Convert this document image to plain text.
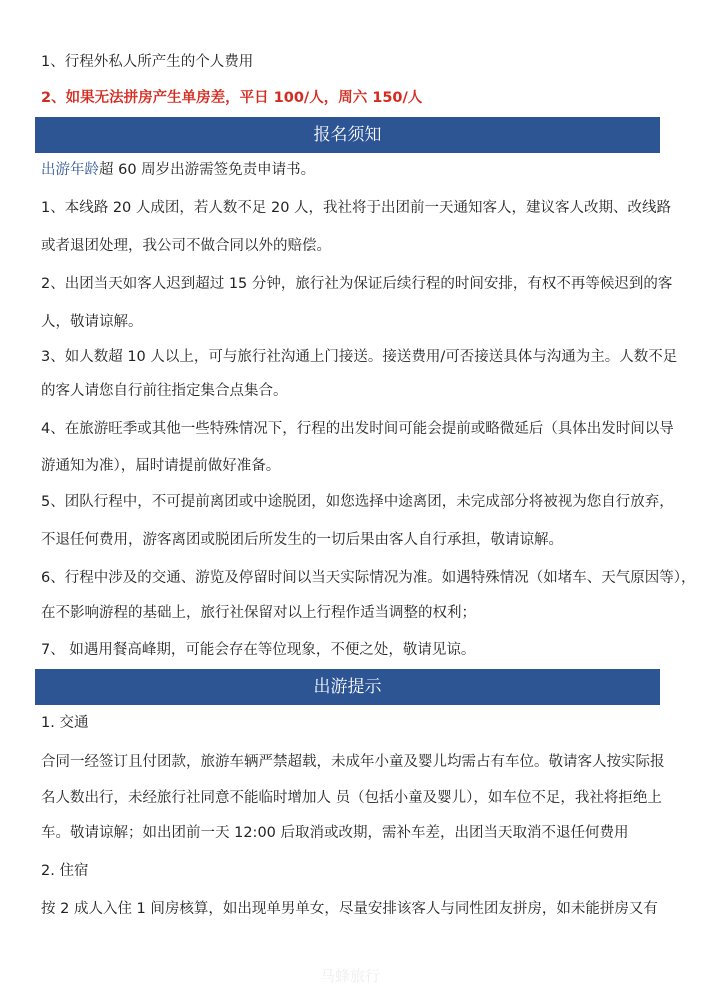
1、行程外私人所产生的个人费用
2、如果无法拼房产生单房差，平日 100/人，周六 150/人
报名须知
出游年龄超 60 周岁出游需签免责申请书。
1、本线路 20 人成团，若人数不足 20 人，我社将于出团前一天通知客人，建议客人改期、改线路
或者退团处理，我公司不做合同以外的赔偿。
2、出团当天如客人迟到超过 15 分钟，旅行社为保证后续行程的时间安排，有权不再等候迟到的客
人，敬请谅解。
3、如人数超 10 人以上，可与旅行社沟通上门接送。接送费用/可否接送具体与沟通为主。人数不足
的客人请您自行前往指定集合点集合。
4、在旅游旺季或其他一些特殊情况下，行程的出发时间可能会提前或略微延后（具体出发时间以导
游通知为准），届时请提前做好准备。
5、团队行程中，不可提前离团或中途脱团，如您选择中途离团，未完成部分将被视为您自行放弃，
不退任何费用，游客离团或脱团后所发生的一切后果由客人自行承担，敬请谅解。
6、行程中涉及的交通、游览及停留时间以当天实际情况为准。如遇特殊情况（如堵车、天气原因等），
在不影响游程的基础上，旅行社保留对以上行程作适当调整的权利；
7、 如遇用餐高峰期，可能会存在等位现象，不便之处，敬请见谅。
出游提示
1. 交通
合同一经签订且付团款，旅游车辆严禁超载，未成年小童及婴儿均需占有车位。敬请客人按实际报
名人数出行，未经旅行社同意不能临时增加人 员（包括小童及婴儿），如车位不足，我社将拒绝上
车。敬请谅解；如出团前一天 12:00 后取消或改期，需补车差，出团当天取消不退任何费用
2. 住宿
按 2 成人入住 1 间房核算，如出现单男单女，尽量安排该客人与同性团友拼房，如未能拼房又有
马蜂旅行
